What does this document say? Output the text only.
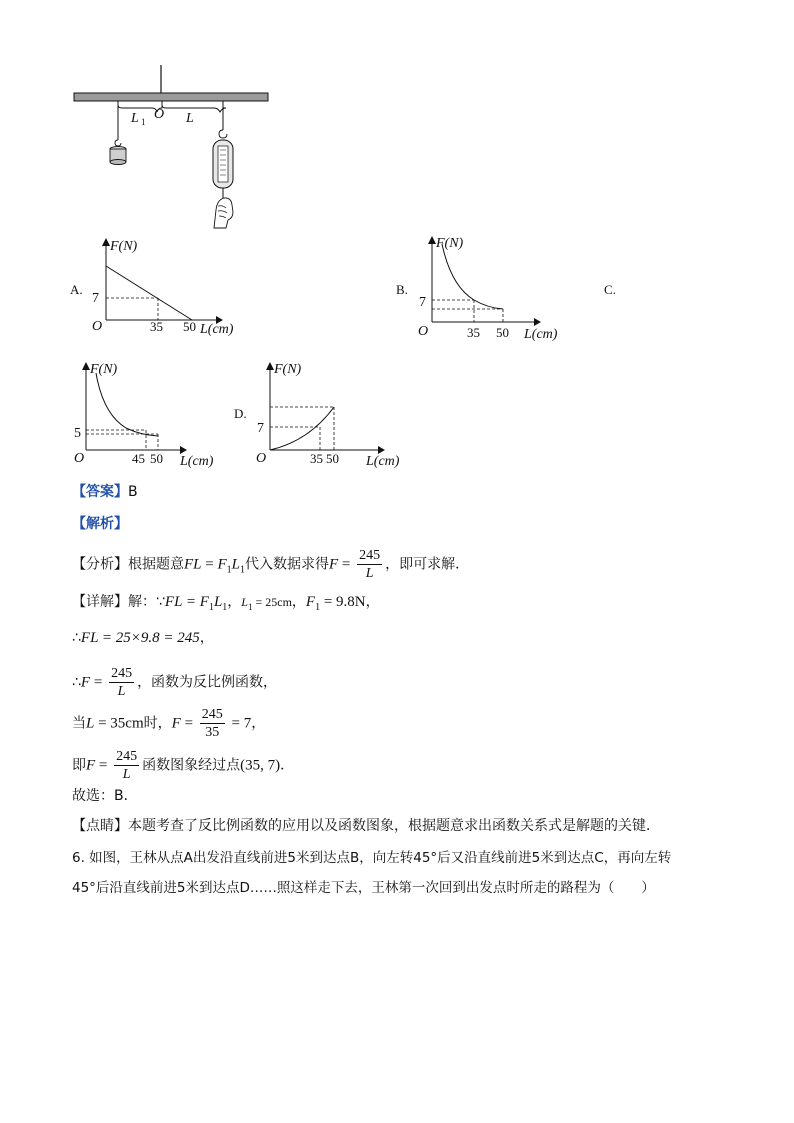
L 1 O L
A.
F(N)
7
O	35 50 L(cm)
B.
F(N)
7
O	35 50 L(cm)
C.
F(N)
5
O	45 50 L(cm)
D.
F(N)
7
O	35 50 L(cm)
【答案】B
【解析】
【分析】根据题意FL = $F_1L_1$代入数据求得$F = \frac{245}{L}$ ，即可求解．
【详解】解：∵FL = $F_1L_1$，$L_1 = 25cm$，$F_1 = 9.8N$，
∴FL = 25×9.8 = 245，
∴F = $\frac{245}{L}$ ，函数为反比例函数，
当L = 35cm时，$F = \frac{245}{35} = 7$，
即$F = \frac{245}{L}$ 函数图象经过点(35, 7)．
故选：B．
【点睛】本题考查了反比例函数的应用以及函数图象，根据题意求出函数关系式是解题的关键．
6. 如图，王林从点A出发沿直线前进5米到达点B，向左转45°后又沿直线前进5米到达点C，再向左转
45°后沿直线前进5米到达点D……照这样走下去，王林第一次回到出发点时所走的路程为（　　）
